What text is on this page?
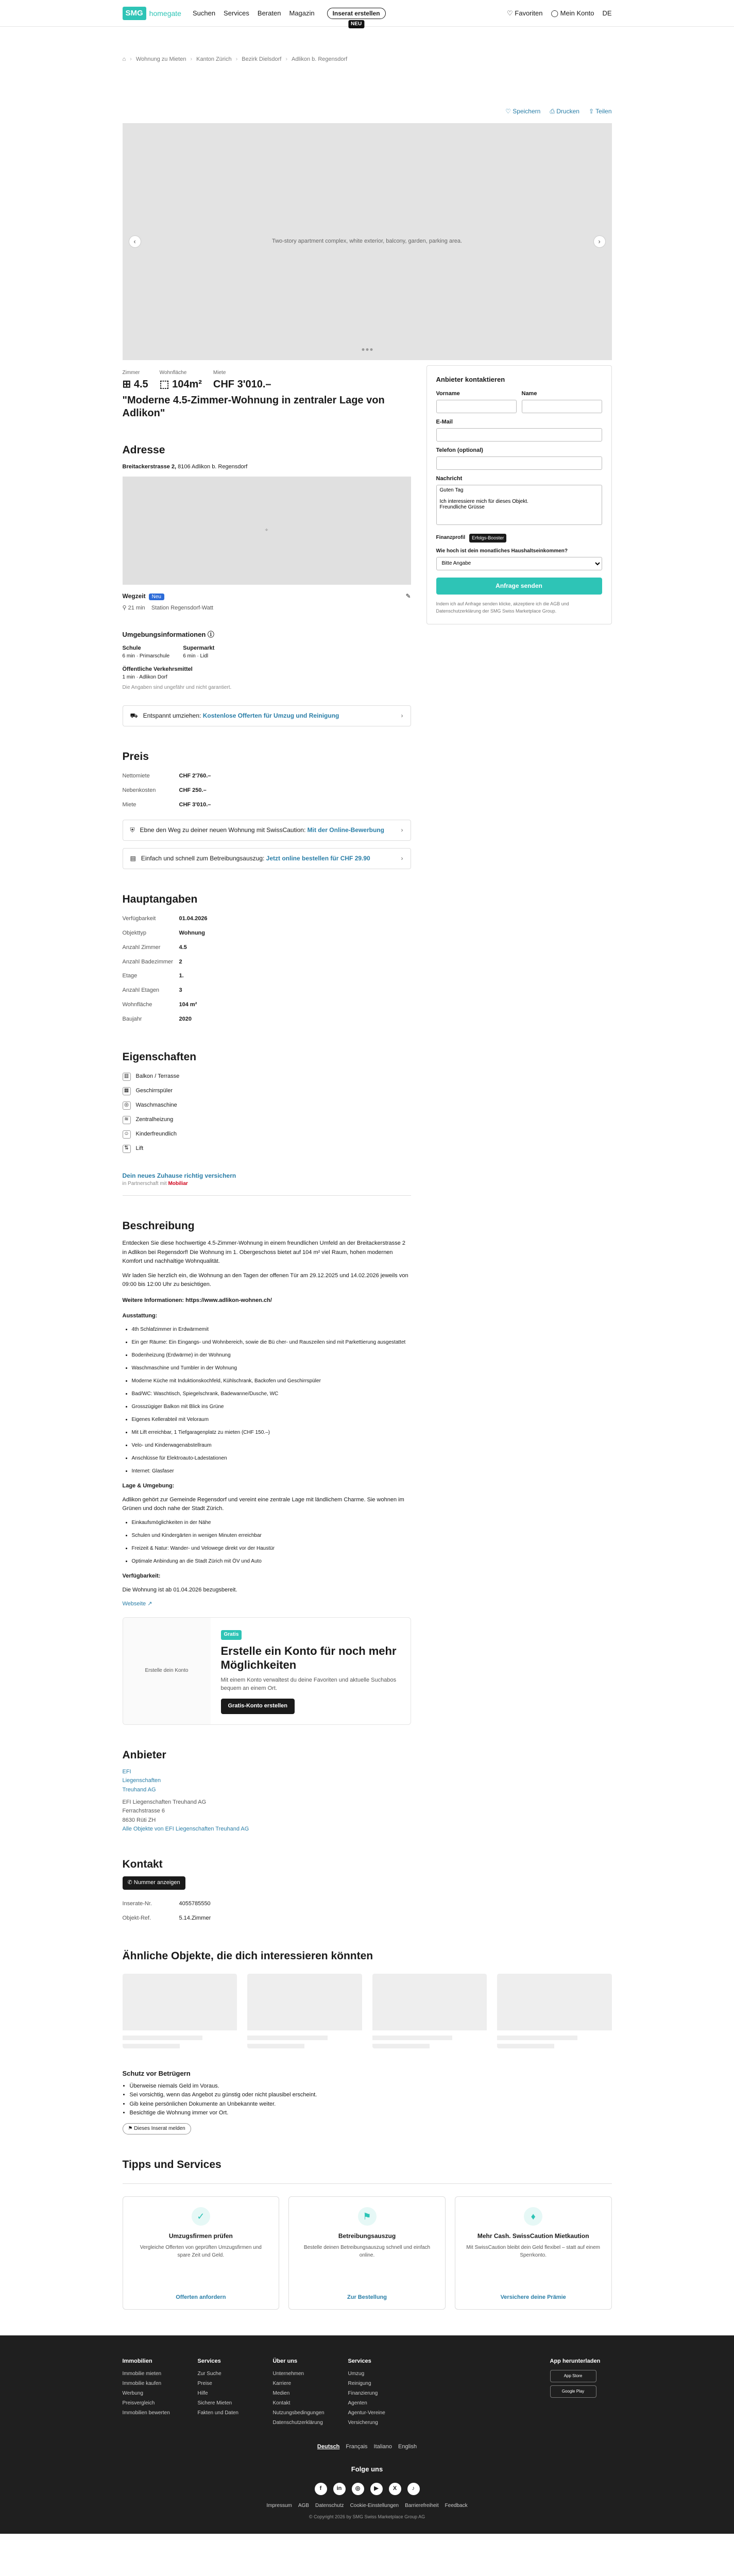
SMG homegate Suchen Services Beraten Magazin	Inserat erstellen
NEU
♡ Favoriten ◯ Mein Konto DE
⌂ › Wohnung zu Mieten › Kanton Zürich › Bezirk Dielsdorf › Adlikon b. Regensdorf
♡ Speichern ⎙ Drucken ⇪ Teilen
Two-story apartment complex, white exterior, balcony, garden, parking area.
‹	›
Zimmer
⊞ 4.5
Wohnfläche
⬚ 104m²
Miete
CHF 3'010.–
"Moderne 4.5-Zimmer-Wohnung in zentraler Lage von Adlikon"
Adresse
Breitackerstrasse 2, 8106 Adlikon b. Regensdorf
⌖
Wegzeit Neu	✎
⚲ 21 min Station Regensdorf-Watt
Umgebungsinformationen ⓘ
Schule
6 min · Primarschule
Supermarkt
6 min · Lidl
Öffentliche Verkehrsmittel
1 min · Adlikon Dorf
Die Angaben sind ungefähr und nicht garantiert.
⛟ Entspannt umziehen: Kostenlose Offerten für Umzug und Reinigung	›
Preis
Nettomiete	CHF 2'760.–
Nebenkosten	CHF 250.–
Miete	CHF 3'010.–
⛨ Ebne den Weg zu deiner neuen Wohnung mit SwissCaution: Mit der Online-Bewerbung	›
▤ Einfach und schnell zum Betreibungsauszug: Jetzt online bestellen für CHF 29.90	›
Hauptangaben
Verfügbarkeit	01.04.2026
Objekttyp	Wohnung
Anzahl Zimmer	4.5
Anzahl Badezimmer	2
Etage	1.
Anzahl Etagen	3
Wohnfläche	104 m²
Baujahr	2020
Eigenschaften
▥ Balkon / Terrasse
▦ Geschirrspüler
◎	Waschmaschine
≋	Zentralheizung
☺ Kinderfreundlich
⇅	Lift
Dein neues Zuhause richtig versichern
in Partnerschaft mit Mobiliar
Beschreibung

Entdecken Sie diese hochwertige 4.5-Zimmer-Wohnung in einem freundlichen Umfeld an der Breitackerstrasse 2 in Adlikon bei Regensdorf! Die Wohnung im 1. Obergeschoss bietet auf 104 m² viel Raum, hohen modernen Komfort und nachhaltige Wohnqualität.

Wir laden Sie herzlich ein, die Wohnung an den Tagen der offenen Tür am 29.12.2025 und 14.02.2026 jeweils von 09:00 bis 12:00 Uhr zu besichtigen.

Weitere Informationen: https://www.adlikon-wohnen.ch/
Ausstattung:
• 4th Schlafzimmer in Erdwärmemit
• Ein ger Räume: Ein Eingangs- und Wohnbereich, sowie die Bü cher- und Rauszeilen sind mit Parkettierung ausgestattet
• Bodenheizung (Erdwärme) in der Wohnung
• Waschmaschine und Tumbler in der Wohnung
• Moderne Küche mit Induktionskochfeld, Kühlschrank, Backofen und Geschirrspüler
• Bad/WC: Waschtisch, Spiegelschrank, Badewanne/Dusche, WC
• Grosszügiger Balkon mit Blick ins Grüne
• Eigenes Kellerabteil mit Veloraum
• Mit Lift erreichbar, 1 Tiefgaragenplatz zu mieten (CHF 150.–)
• Velo- und Kinderwagenabstellraum
• Anschlüsse für Elektroauto-Ladestationen
• Internet: Glasfaser
Lage & Umgebung:

Adlikon gehört zur Gemeinde Regensdorf und vereint eine zentrale Lage mit ländlichem Charme. Sie wohnen im Grünen und doch nahe der Stadt Zürich.

• Einkaufsmöglichkeiten in der Nähe
• Schulen und Kindergärten in wenigen Minuten erreichbar
• Freizeit & Natur: Wander- und Velowege direkt vor der Haustür
• Optimale Anbindung an die Stadt Zürich mit ÖV und Auto
Verfügbarkeit:

Die Wohnung ist ab 01.04.2026 bezugsbereit.

Webseite ↗

Erstelle dein Konto
Gratis
Erstelle ein Konto für noch mehr Möglichkeiten

Mit einem Konto verwaltest du deine Favoriten und aktuelle Suchabos bequem an einem Ort.

Gratis-Konto erstellen
Anbieter
EFI
Liegenschaften
Treuhand AG
EFI Liegenschaften Treuhand AG
Ferrachstrasse 6
8630 Rüti ZH
Alle Objekte von EFI Liegenschaften Treuhand AG
Kontakt
✆ Nummer anzeigen
Inserate-Nr.	4055785550
Objekt-Ref.	5.14.Zimmer
Anbieter kontaktieren
Vorname	Name
E-Mail
Telefon (optional)
Nachricht
Guten Tag Ich interessiere mich für dieses Objekt. Freundliche Grüsse
Finanzprofil	Erfolgs-Booster
Wie hoch ist dein monatliches Haushaltseinkommen?
Bitte Angabe
Anfrage senden
Indem ich auf Anfrage senden klicke, akzeptiere ich die AGB und Datenschutzerklärung der SMG Swiss Marketplace Group.
Ähnliche Objekte, die dich interessieren könnten
Schutz vor Betrügern
• Überweise niemals Geld im Voraus.
• Sei vorsichtig, wenn das Angebot zu günstig oder nicht plausibel erscheint.
• Gib keine persönlichen Dokumente an Unbekannte weiter.
• Besichtige die Wohnung immer vor Ort.
⚑ Dieses Inserat melden
Tipps und Services
✓
Umzugsfirmen prüfen

Vergleiche Offerten von geprüften Umzugsfirmen und spare Zeit und Geld.

Offerten anfordern
⚑
Betreibungsauszug

Bestelle deinen Betreibungsauszug schnell und einfach online.

Zur Bestellung
♦
Mehr Cash. SwissCaution Mietkaution

Mit SwissCaution bleibt dein Geld flexibel – statt auf einem Sperrkonto.

Versichere deine Prämie
Immobilien
Immobilie mieten
Immobilie kaufen
Werbung
Preisvergleich
Immobilien bewerten
Services
Zur Suche
Preise
Hilfe
Sichere Mieten
Fakten und Daten
Über uns
Unternehmen
Karriere
Medien
Kontakt
Nutzungsbedingungen
Datenschutzerklärung
Services
Umzug
Reinigung
Finanzierung
Agenten
Agentur-Vereine
Versicherung
App herunterladen
App Store
Google Play
Deutsch Français Italiano English
Folge uns
f	in	◎	▶	X	♪
Impressum AGB Datenschutz Cookie-Einstellungen Barrierefreiheit Feedback
© Copyright 2026 by SMG Swiss Marketplace Group AG
